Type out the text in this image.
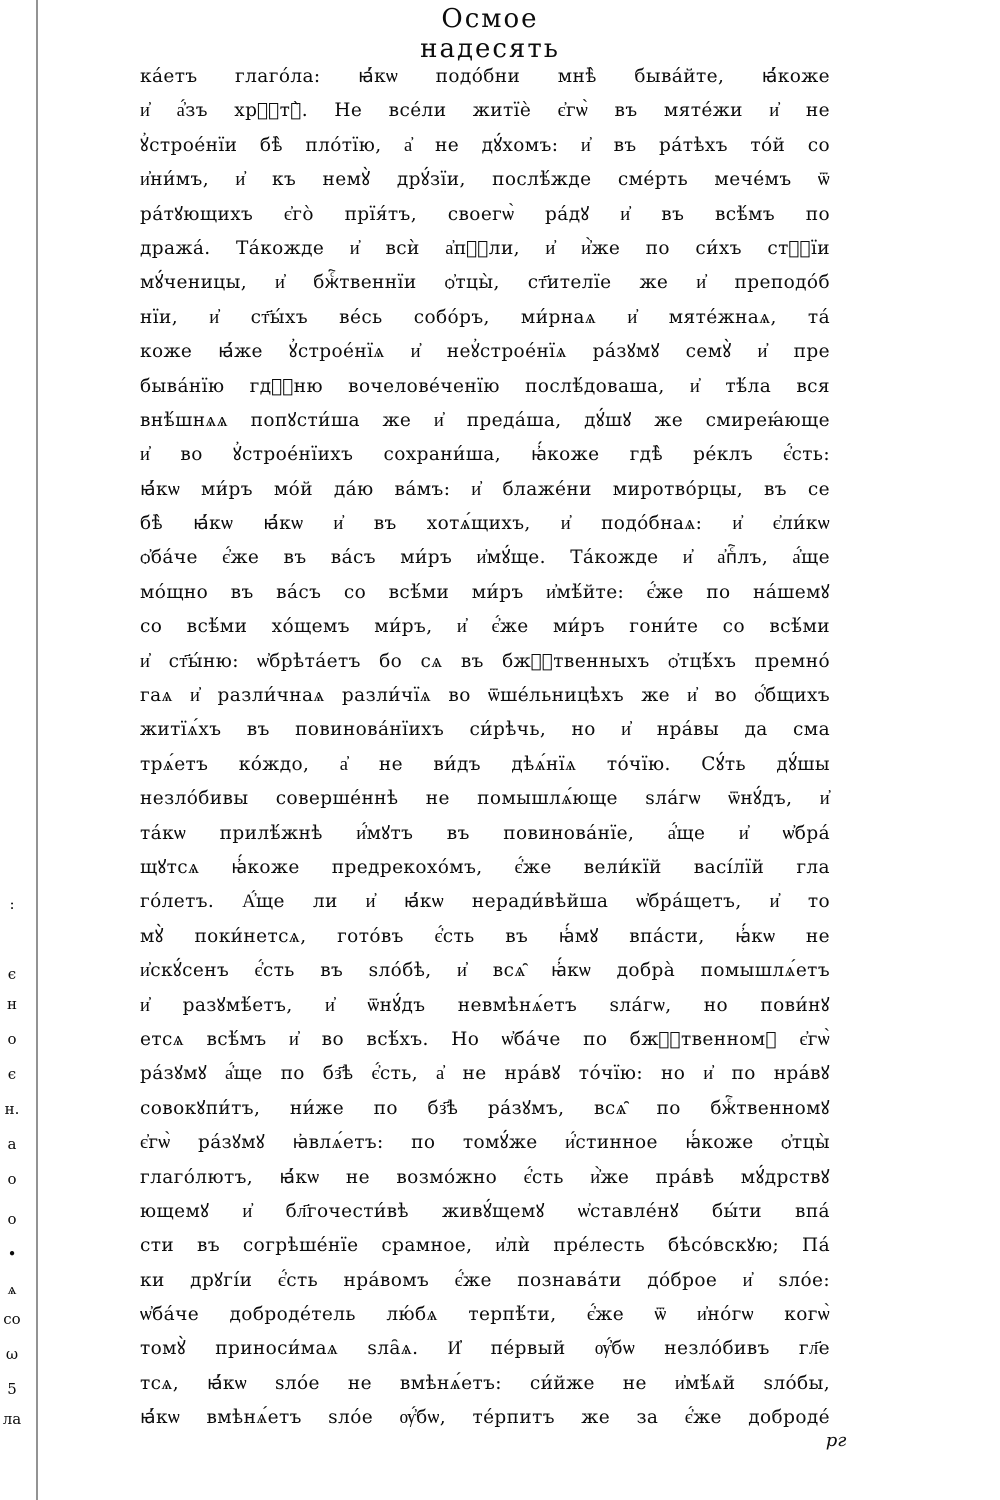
:
є
н
о
є
н.
а
о
о
•
ѧ
со
ω
5
ла
Осмое надесять
кáетъ глаго́ла: ꙗ҆́кѡ подо́бни мнѣ̀ быва́йте, ꙗ҆́коже
и҆ а҆́зъ хрⷭ҇тꙋ̀. Не все́ли житїѐ є҆гѡ̀ въ мяте́жи и҆ не
ꙋ҆строе́нїи бѣ̀ пло́тїю, а҆ не дꙋ́хомъ: и҆ въ ра́тѣхъ то́й со
и҆ни́мъ, и҆ къ немꙋ̀ дрꙋ́зїи, послѣ́жде сме́рть мече́мъ ѿ
ра́тꙋющихъ є҆го̀ прїя́тъ, своегѡ̀ ра́дꙋ и҆ въ всѣ́мъ по
дража́. Та́кожде и҆ всѝ а҆пⷭ҇ли, и҆ и҆̀же по си́хъ стⷭ҇їи
мꙋ́ченицы, и҆ бжⷭ҇твеннїи ѻ҆тцы̀, ст҃ителїе же и҆ преподо́б
нїи, и҆ ст҃ы́хъ ве́сь собо́ръ, ми́рнаѧ и҆ мяте́жнаѧ, та́
коже ꙗ҆́же ꙋ҆строе́нїѧ и҆ неꙋ҆строе́нїѧ ра́зꙋмꙋ семꙋ̀ и҆ пре
быва́нїю гдⷭ҇ню вочелове́ченїю послѣ́доваша, и҆ тѣ́ла вся
внѣ́шнѧѧ попꙋсти́ша же и҆ преда́ша, дꙋ́шꙋ же смиреꙗ́юще
и҆ во ꙋ҆строе́нїихъ сохрани́ша, ꙗ҆́коже гдѣ̀ ре́клъ є҆́сть:
ꙗ҆́кѡ ми́ръ мо́й да́ю ва́мъ: и҆ блаже́ни миротво́рцы, въ се
бѣ̀ ꙗ҆́кѡ ꙗ҆́кѡ и҆ въ хотѧ́щихъ, и҆ подо́бнаѧ: и҆ є҆ли́кѡ
ѻ҆ба́че є҆́же въ ва́съ ми́ръ и҆мꙋ́ще. Та́кожде и҆ а҆пⷭ҇лъ, а҆́ще
мо́щно въ ва́съ со всѣ́ми ми́ръ и҆мѣ́йте: є҆́же по на́шемꙋ
со всѣ́ми хо́щемъ ми́ръ, и҆ є҆́же ми́ръ гони́те со всѣ́ми
и҆ ст҃ы́ню: ѡ҆брѣта́етъ бо сѧ въ бжⷭ҇твенныхъ ѻ҆тцѣ́хъ премно́
гаѧ и҆ разли́чнаѧ разли́чїѧ во ѿше́льницѣхъ же и҆ во ѻ҆́бщихъ
житїѧ́хъ въ повинова́нїихъ си́рѣчь, но и҆ нра́вы да сма
трѧ́етъ ко́ждо, а҆ не ви́дъ дѣѧ́нїѧ то́чїю. Сꙋ́ть дꙋ́шы
незло́бивы соверше́ннѣ не помышлѧ́юще ѕла́гѡ ѿнꙋ́дъ, и҆
та́кѡ прилѣ́жнѣ и҆́мꙋтъ въ повинова́нїе, а҆́ще и҆ ѡ҆бра́
щꙋтсѧ ꙗ҆́коже предрекохо́мъ, є҆́же вели́кїй васі́лїй гла
го́летъ. А҆́ще ли и҆ ꙗ҆́кѡ неради́вѣйша ѡ҆бра́щетъ, и҆ то
мꙋ̀ поки́нетсѧ, гото́въ є҆́сть въ ꙗ҆́мꙋ впа́сти, ꙗ҆́кѡ не
и҆скꙋ́сенъ є҆́сть въ ѕло́бѣ, и҆ всѧ̑ ꙗ҆́кѡ добра̀ помышлѧ́етъ
и҆ разꙋмѣ́етъ, и҆ ѿнꙋ́дъ невмѣнѧ́етъ ѕла́гѡ, но пови́нꙋ
етсѧ всѣ́мъ и҆ во всѣ́хъ. Но ѡ҆ба́че по бжⷭ҇твенномꙋ є҆гѡ̀
ра́зꙋмꙋ а҆́ще по бз҃ѣ є҆́сть, а҆ не нра́вꙋ то́чїю: но и҆ по нра́вꙋ
совокꙋпи́тъ, ни́же по бз҃ѣ ра́зꙋмъ, всѧ̑ по бжⷭ҇твенномꙋ
є҆гѡ̀ ра́зꙋмꙋ ꙗ҆влѧ́етъ: по томꙋ́же и҆́стинное ꙗ҆́коже ѻ҆тцы̀
глаго́лютъ, ꙗ҆́кѡ не возмо́жно є҆́сть и҆̀же пра́вѣ мꙋ́дрствꙋ
ющемꙋ и҆ бл҃гочести́вѣ живꙋ́щемꙋ ѡ҆ставле́нꙋ бы́ти впа́
сти въ согрѣше́нїе срамное, и҆лѝ пре́лесть бѣсо́вскꙋю; Па́
ки дрꙋгі́и є҆́сть нра́вомъ є҆́же познава́ти до́брое и҆ ѕло́е:
ѡ҆ба́че доброде́тель лю́бѧ терпѣ́ти, є҆́же ѿ и҆но́гѡ когѡ̀
томꙋ̀ приноси́маѧ ѕла̑ѧ. И҆ пе́рвый ѹ҆́бѡ незло́бивъ гл҃е
тсѧ, ꙗ҆́кѡ ѕло́е не вмѣнѧ́етъ: си́йже не и҆мѣ́ѧй ѕло́бы,
ꙗ҆́кѡ вмѣнѧ́етъ ѕло́е ѹ҆́бѡ, те́рпитъ же за є҆́же доброде́
рг
